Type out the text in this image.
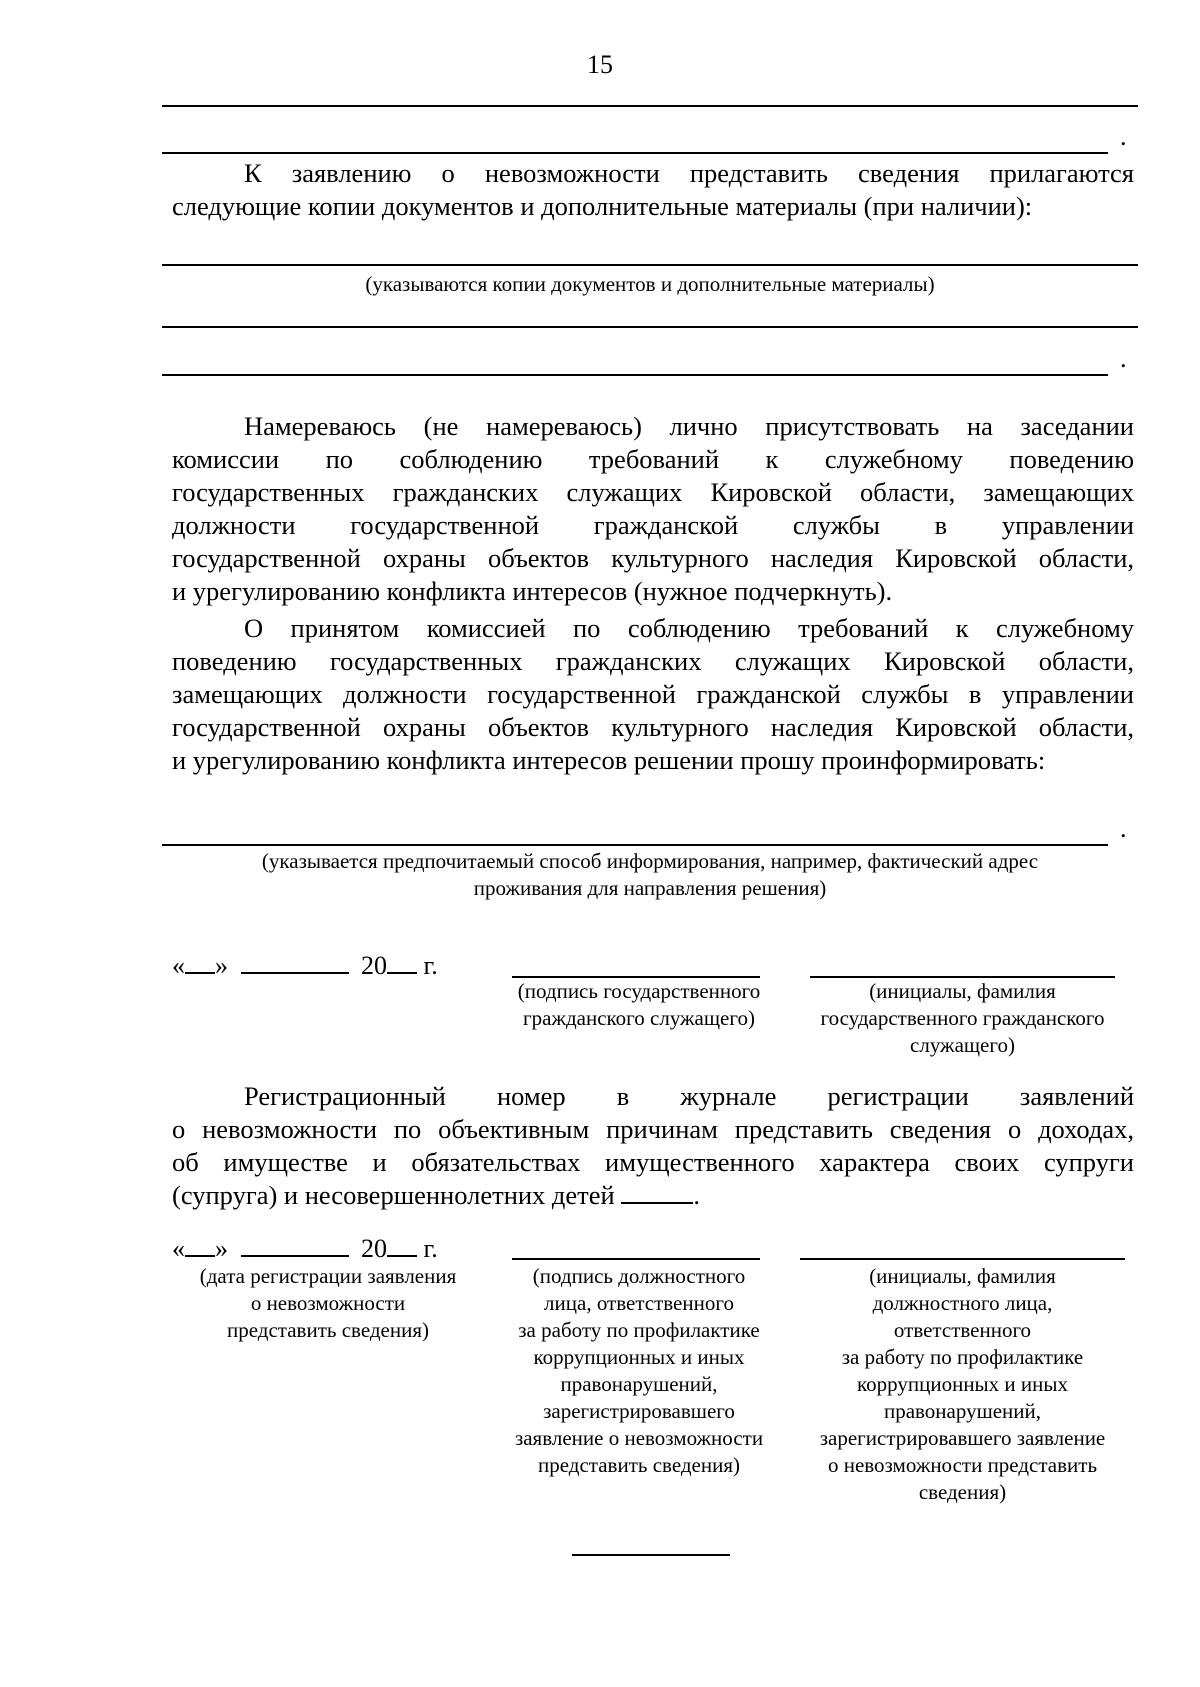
15
.
К заявлению о невозможности представить сведения прилагаются
следующие копии документов и дополнительные материалы (при наличии):
(указываются копии документов и дополнительные материалы)
.
Намереваюсь (не намереваюсь) лично присутствовать на заседании
комиссии по соблюдению требований к служебному поведению
государственных гражданских служащих Кировской области, замещающих
должности государственной гражданской службы в управлении
государственной охраны объектов культурного наследия Кировской области,
и урегулированию конфликта интересов (нужное подчеркнуть).
О принятом комиссией по соблюдению требований к служебному
поведению государственных гражданских служащих Кировской области,
замещающих должности государственной гражданской службы в управлении
государственной охраны объектов культурного наследия Кировской области,
и урегулированию конфликта интересов решении прошу проинформировать:
.
(указывается предпочитаемый способ информирования, например, фактический адрес
проживания для направления решения)
« »	20 г.
(подпись государственного
гражданского служащего)
(инициалы, фамилия
государственного гражданского
служащего)
Регистрационный номер в журнале регистрации заявлений
о невозможности по объективным причинам представить сведения о доходах,
об имуществе и обязательствах имущественного характера своих супруги
(супруга) и несовершеннолетних детей	.
« »	20 г.
(дата регистрации заявления
о невозможности
представить сведения)
(подпись должностного
лица, ответственного
за работу по профилактике
коррупционных и иных
правонарушений,
зарегистрировавшего
заявление о невозможности
представить сведения)
(инициалы, фамилия
должностного лица,
ответственного
за работу по профилактике
коррупционных и иных
правонарушений,
зарегистрировавшего заявление
о невозможности представить
сведения)
